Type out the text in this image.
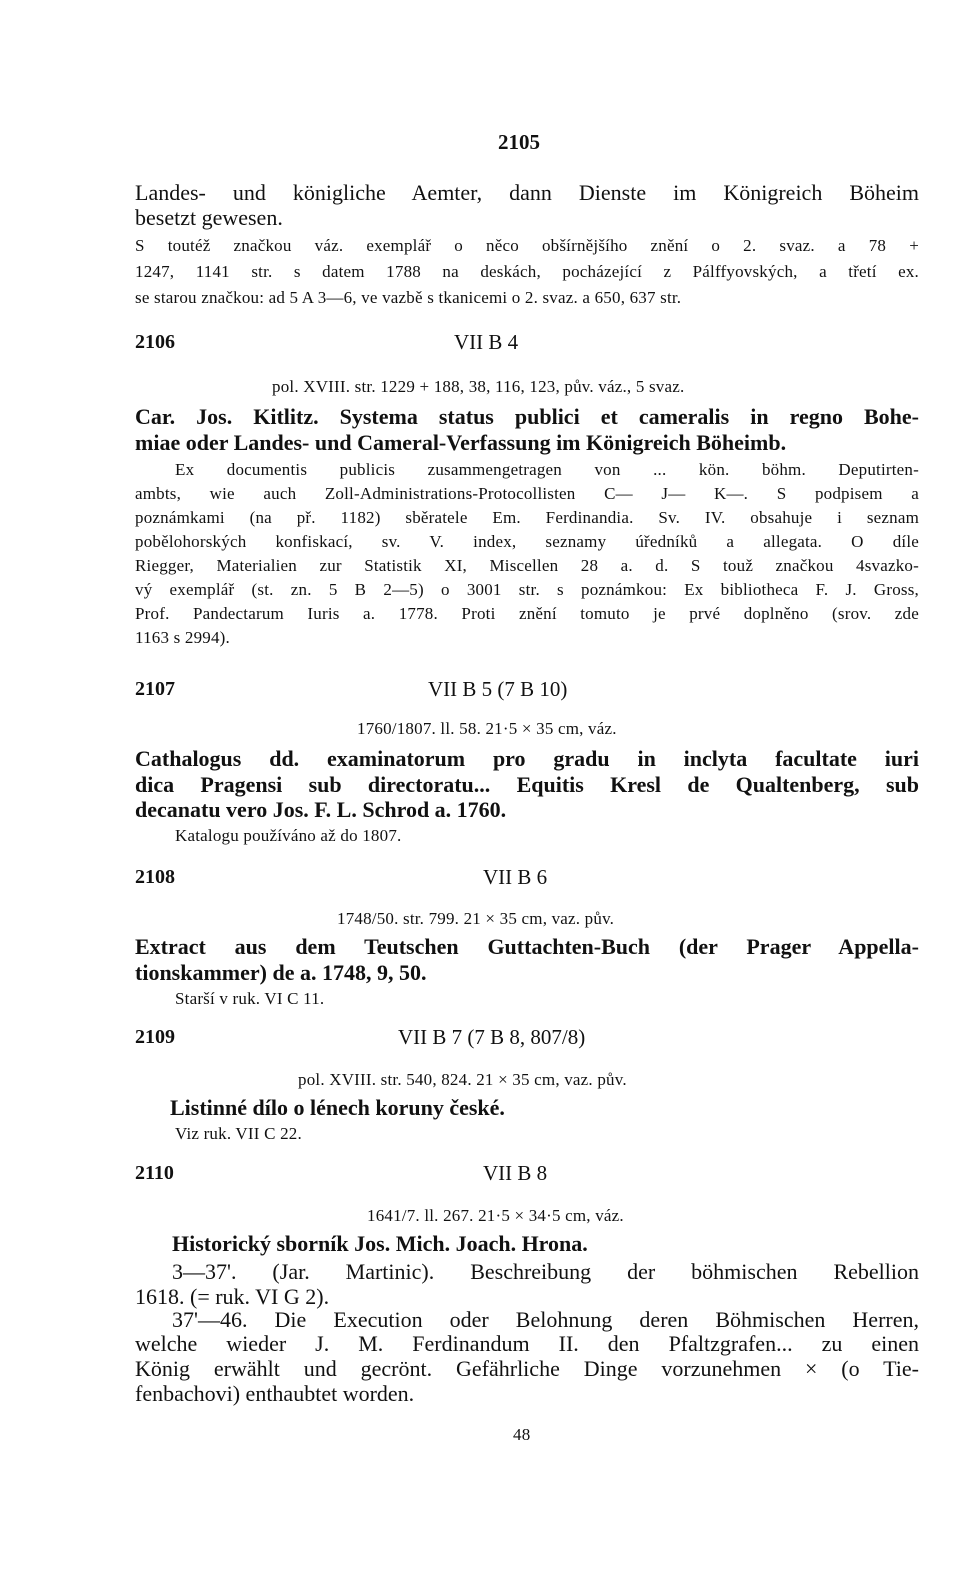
2105
Landes- und königliche Aemter, dann Dienste im Königreich Böheim
besetzt gewesen.
S toutéž značkou váz. exemplář o něco obšírnějšího znění o 2. svaz. a 78 +
1247, 1141 str. s datem 1788 na deskách, pocházející z Pálffyovských, a třetí ex.
se starou značkou: ad 5 A 3—6, ve vazbě s tkanicemi o 2. svaz. a 650, 637 str.
2106	VII B 4
pol. XVIII. str. 1229 + 188, 38, 116, 123, pův. váz., 5 svaz.
Car. Jos. Kitlitz. Systema status publici et cameralis in regno Bohe-
miae oder Landes- und Cameral-Verfassung im Königreich Böheimb.
Ex documentis publicis zusammengetragen von ... kön. böhm. Deputirten-
ambts, wie auch Zoll-Administrations-Protocollisten C— J— K—. S podpisem a
poznámkami (na př. 1182) sběratele Em. Ferdinandia. Sv. IV. obsahuje i seznam
pobělohorských konfiskací, sv. V. index, seznamy úředníků a allegata. O díle
Riegger, Materialien zur Statistik XI, Miscellen 28 a. d. S touž značkou 4svazko-
vý exemplář (st. zn. 5 B 2—5) o 3001 str. s poznámkou: Ex bibliotheca F. J. Gross,
Prof. Pandectarum Iuris a. 1778. Proti znění tomuto je prvé doplněno (srov. zde
1163 s 2994).
2107	VII B 5 (7 B 10)
1760/1807. ll. 58. 21·5 × 35 cm, váz.
Cathalogus dd. examinatorum pro gradu in inclyta facultate iuri
dica Pragensi sub directoratu... Equitis Kresl de Qualtenberg, sub
decanatu vero Jos. F. L. Schrod a. 1760.
Katalogu používáno až do 1807.
2108	VII B 6
1748/50. str. 799. 21 × 35 cm, vaz. pův.
Extract aus dem Teutschen Guttachten-Buch (der Prager Appella-
tionskammer) de a. 1748, 9, 50.
Starší v ruk. VI C 11.
2109	VII B 7 (7 B 8, 807/8)
pol. XVIII. str. 540, 824. 21 × 35 cm, vaz. pův.
Listinné dílo o lénech koruny české.
Viz ruk. VII C 22.
2110	VII B 8
1641/7. ll. 267. 21·5 × 34·5 cm, váz.
Historický sborník Jos. Mich. Joach. Hrona.
3—37'. (Jar. Martinic). Beschreibung der böhmischen Rebellion
1618. (= ruk. VI G 2).
37'—46. Die Execution oder Belohnung deren Böhmischen Herren,
welche wieder J. M. Ferdinandum II. den Pfaltzgrafen... zu einen
König erwählt und gecrönt. Gefährliche Dinge vorzunehmen × (o Tie-
fenbachovi) enthaubtet worden.
48
